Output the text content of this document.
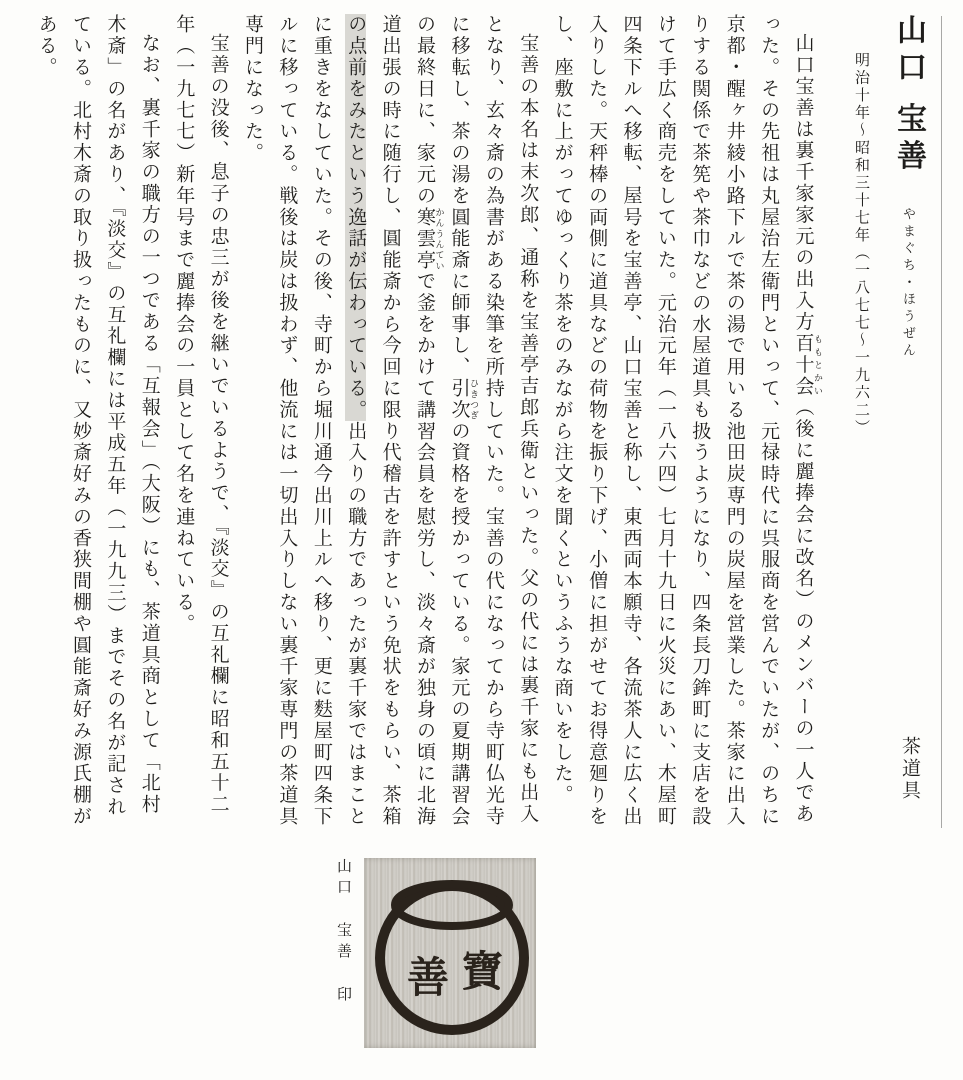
茶道具
山口 宝善 やまぐち・ほうぜん
明治十年〜昭和三十七年（一八七七〜一九六二）

山口宝善は裏千家家元の出入方百十会 ももとかい（後に麗捧会に改名）のメンバーの一人であった。その先祖は丸屋治左衛門といって、元禄時代に呉服商を営んでいたが、のちに京都・醒ヶ井綾小路下ルで茶の湯で用いる池田炭専門の炭屋を営業した。茶家に出入りする関係で茶筅や茶巾などの水屋道具も扱うようになり、四条長刀鉾町に支店を設けて手広く商売をしていた。元治元年（一八六四）七月十九日に火災にあい、木屋町四条下ルへ移転、屋号を宝善亭、山口宝善と称し、東西両本願寺、各流茶人に広く出入りした。天秤棒の両側に道具などの荷物を振り下げ、小僧に担がせてお得意廻りをし、座敷に上がってゆっくり茶をのみながら注文を聞くというふうな商いをした。

宝善の本名は末次郎、通称を宝善亭吉郎兵衛といった。父の代には裏千家にも出入となり、玄々斎の為書がある染筆を所持していた。宝善の代になってから寺町仏光寺に移転し、茶の湯を圓能斎に師事し、引次 ひきつぎの資格を授かっている。家元の夏期講習会の最終日に、家元の寒雲亭 かんうんていで釜をかけて講習会員を慰労し、淡々斎が独身の頃に北海道出張の時に随行し、圓能斎から今回に限り代稽古を許すという免状をもらい、茶箱の点前をみたという逸話が伝わっている。出入りの職方であったが裏千家ではまことに重きをなしていた。その後、寺町から堀川通今出川上ルへ移り、更に麩屋町四条下ルに移っている。戦後は炭は扱わず、他流には一切出入りしない裏千家専門の茶道具専門になった。

宝善の没後、息子の忠三が後を継いでいるようで、『淡交』の互礼欄に昭和五十二年（一九七七）新年号まで麗捧会の一員として名を連ねている。

なお、裏千家の職方の一つである「互報会」（大阪）にも、茶道具商として「北村木斎」の名があり、『淡交』の互礼欄には平成五年（一九九三）までその名が記されている。北村木斎の取り扱ったものに、又妙斎好みの香狭間棚や圓能斎好み源氏棚がある。

山口 宝善 印	寶
善
